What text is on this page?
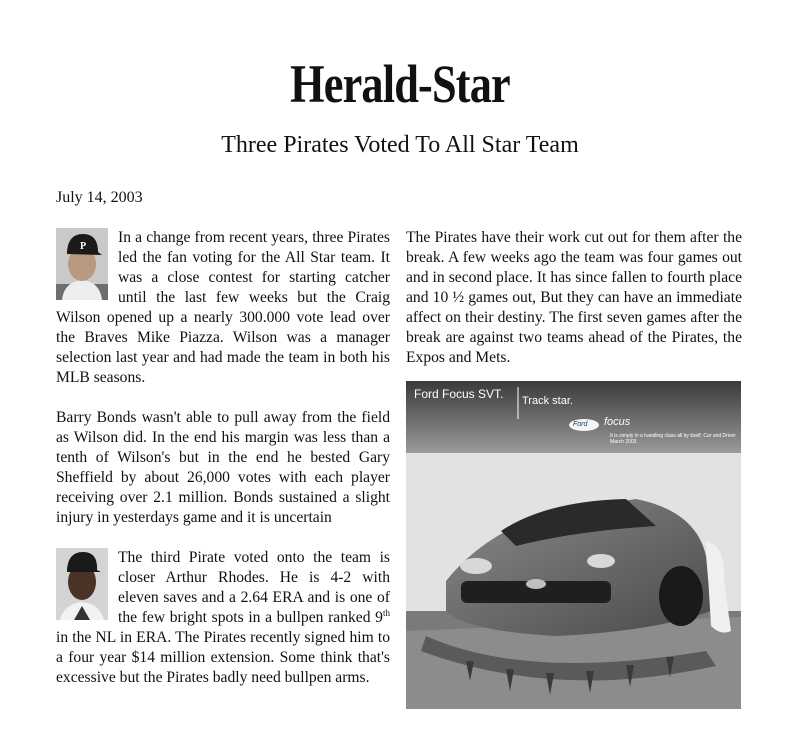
Herald-Star
Three Pirates Voted To All Star Team
July 14, 2003
P

In a change from recent years, three Pirates led the fan voting for the All Star team. It was a close contest for starting catcher until the last few weeks but the Craig Wilson opened up a nearly 300.000 vote lead over the Braves Mike Piazza. Wilson was a manager selection last year and had made the team in both his MLB seasons.

Barry Bonds wasn't able to pull away from the field as Wilson did. In the end his margin was less than a tenth of Wilson's but in the end he bested Gary Sheffield by about 26,000 votes with each player receiving over 2.1 million. Bonds sustained a slight injury in yesterdays game and it is uncertain

The third Pirate voted onto the team is closer Arthur Rhodes. He is 4-2 with eleven saves and a 2.64 ERA and is one of the few bright spots in a bullpen ranked 9th in the NL in ERA. The Pirates recently signed him to a four year $14 million extension. Some think that's excessive but the Pirates badly need bullpen arms.

The Pirates have their work cut out for them after the break. A few weeks ago the team was four games out and in second place. It has since fallen to fourth place and 10 ½ games out, But they can have an immediate affect on their destiny. The first seven games after the break are against two teams ahead of the Pirates, the Expos and Mets.

Ford Focus SVT. Track star.
Ford focus
It is simply in a handling class all by itself. Car and Driver March 2003
